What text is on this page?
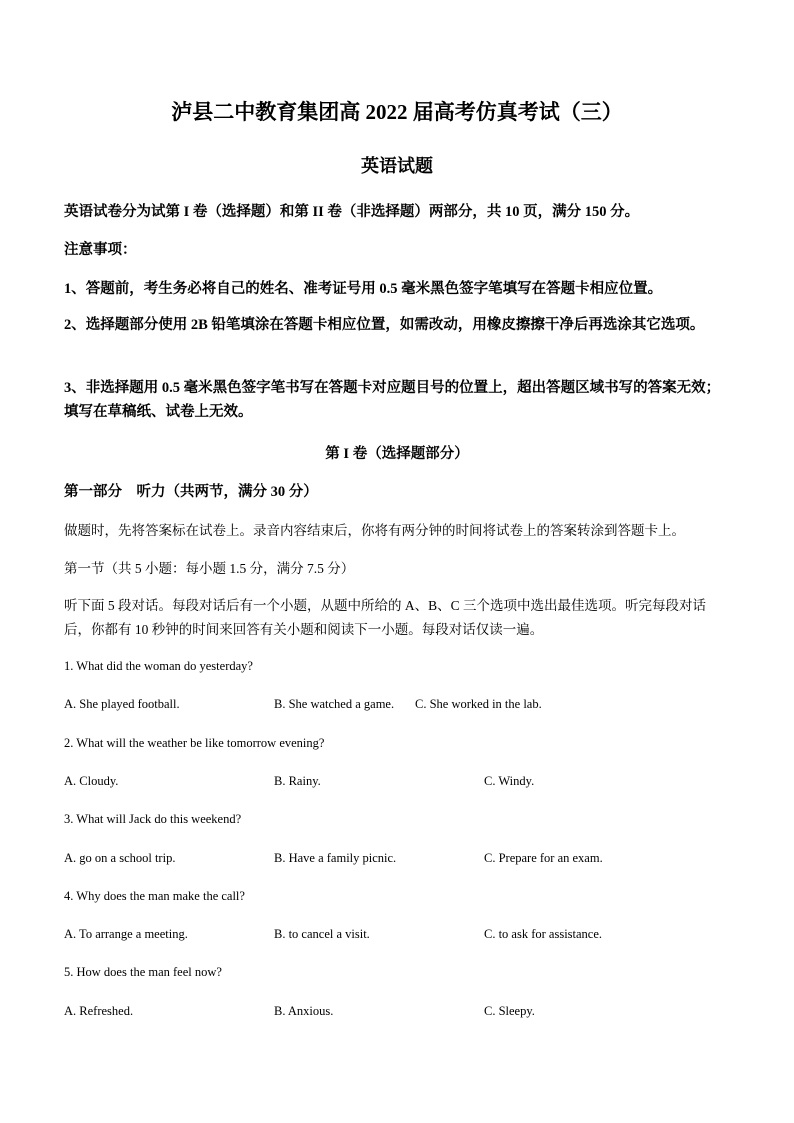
泸县二中教育集团高 2022 届高考仿真考试（三）
英语试题
英语试卷分为试第 I 卷（选择题）和第 II 卷（非选择题）两部分，共 10 页，满分 150 分。
注意事项：
1、答题前，考生务必将自己的姓名、准考证号用 0.5 毫米黑色签字笔填写在答题卡相应位置。
2、选择题部分使用 2B 铅笔填涂在答题卡相应位置，如需改动，用橡皮擦擦干净后再选涂其它选项。
3、非选择题用 0.5 毫米黑色签字笔书写在答题卡对应题目号的位置上，超出答题区域书写的答案无效；填写在草稿纸、试卷上无效。
第 I 卷（选择题部分）
第一部分　听力（共两节，满分 30 分）
做题时，先将答案标在试卷上。录音内容结束后，你将有两分钟的时间将试卷上的答案转涂到答题卡上。
第一节（共 5 小题：每小题 1.5 分，满分 7.5 分）
听下面 5 段对话。每段对话后有一个小题，从题中所给的 A、B、C 三个选项中选出最佳选项。听完每段对话后，你都有 10 秒钟的时间来回答有关小题和阅读下一小题。每段对话仅读一遍。
1. What did the woman do yesterday?
A. She played football.	B. She watched a game. C. She worked in the lab.
2. What will the weather be like tomorrow evening?
A. Cloudy.	B. Rainy.	C. Windy.
3. What will Jack do this weekend?
A. go on a school trip.	B. Have a family picnic.	C. Prepare for an exam.
4. Why does the man make the call?
A. To arrange a meeting.	B. to cancel a visit.	C. to ask for assistance.
5. How does the man feel now?
A. Refreshed.	B. Anxious.	C. Sleepy.
